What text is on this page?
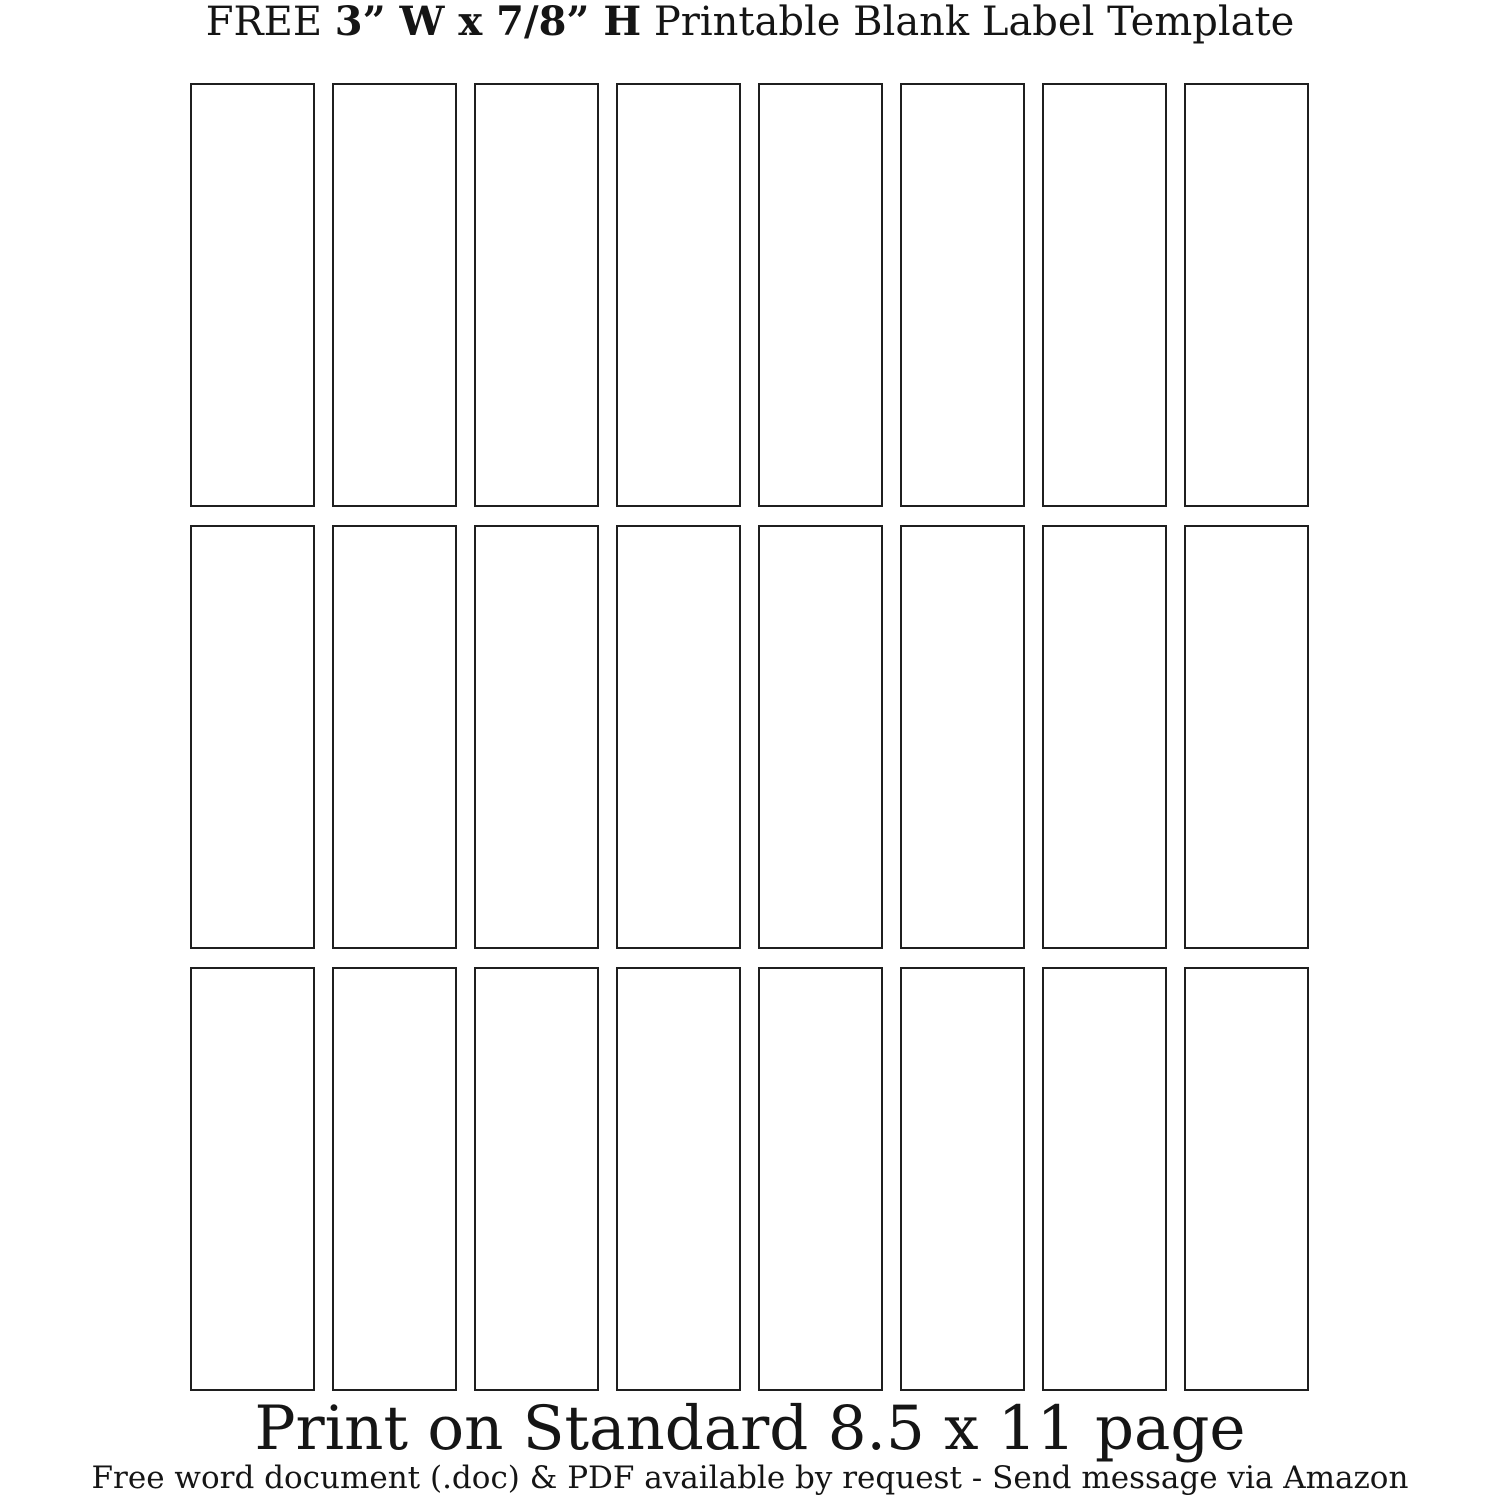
FREE 3” W x 7/8” H Printable Blank Label Template
Print on Standard 8.5 x 11 page
Free word document (.doc) & PDF available by request - Send message via Amazon
